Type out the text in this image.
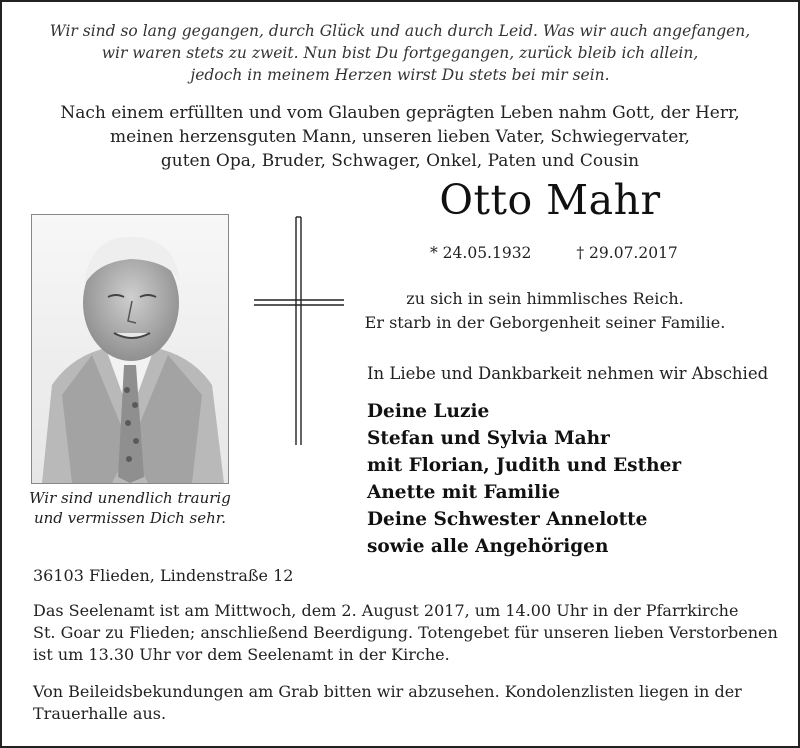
Wir sind so lang gegangen, durch Glück und auch durch Leid. Was wir auch angefangen,
wir waren stets zu zweit. Nun bist Du fortgegangen, zurück bleib ich allein,
jedoch in meinem Herzen wirst Du stets bei mir sein.
Nach einem erfüllten und vom Glauben geprägten Leben nahm Gott, der Herr,
meinen herzensguten Mann, unseren lieben Vater, Schwiegervater,
guten Opa, Bruder, Schwager, Onkel, Paten und Cousin
Otto Mahr
* 24.05.1932	† 29.07.2017
Wir sind unendlich traurig
und vermissen Dich sehr.
zu sich in sein himmlisches Reich.
Er starb in der Geborgenheit seiner Familie.
In Liebe und Dankbarkeit nehmen wir Abschied
Deine Luzie
Stefan und Sylvia Mahr
mit Florian, Judith und Esther
Anette mit Familie
Deine Schwester Annelotte
sowie alle Angehörigen
36103 Flieden, Lindenstraße 12
Das Seelenamt ist am Mittwoch, dem 2. August 2017, um 14.00 Uhr in der Pfarrkirche
St. Goar zu Flieden; anschließend Beerdigung. Totengebet für unseren lieben Verstorbenen
ist um 13.30 Uhr vor dem Seelenamt in der Kirche.
Von Beileidsbekundungen am Grab bitten wir abzusehen. Kondolenzlisten liegen in der
Trauerhalle aus.
